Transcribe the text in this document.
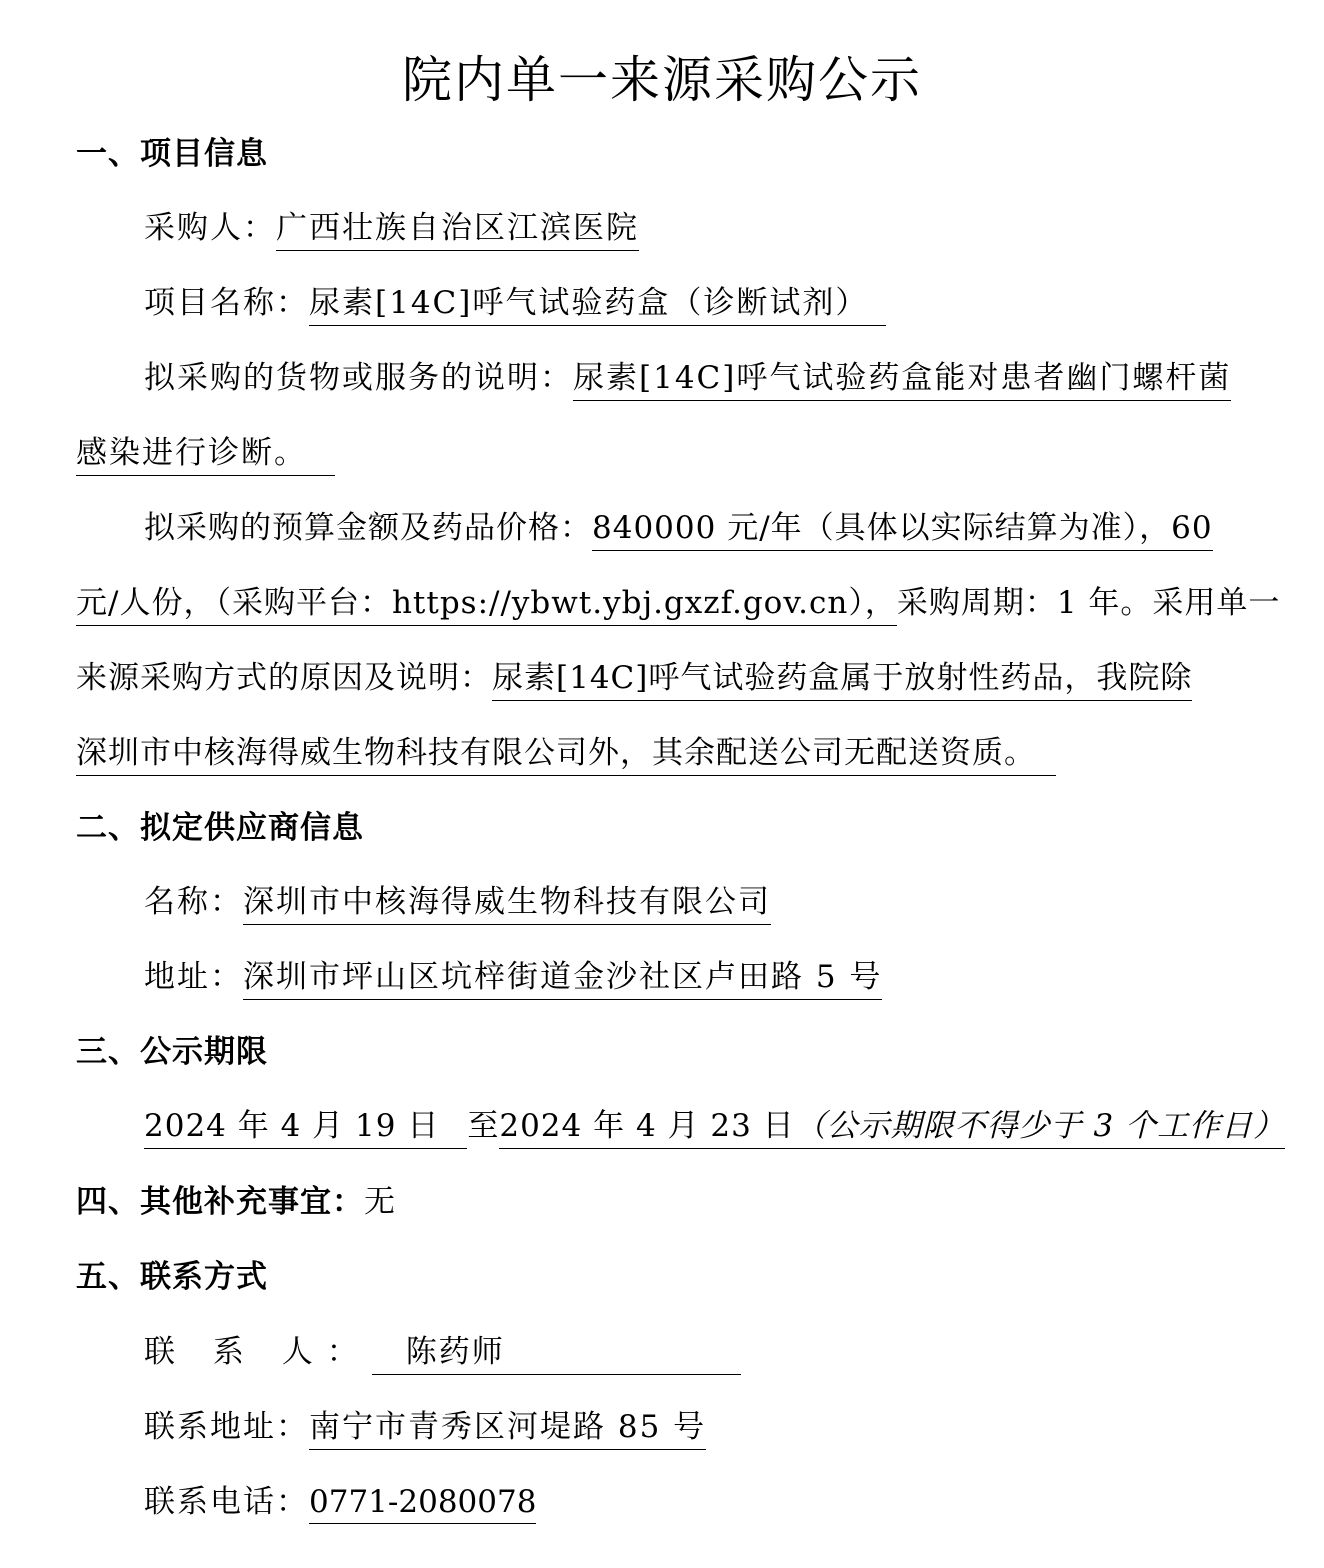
院内单一来源采购公示
一、项目信息

采购人：广西壮族自治区江滨医院

项目名称：尿素[14C]呼气试验药盒（诊断试剂）

拟采购的货物或服务的说明：尿素[14C]呼气试验药盒能对患者幽门螺杆菌

感染进行诊断。

拟采购的预算金额及药品价格：840000 元/年（具体以实际结算为准），60

元/人份，（采购平台：https://ybwt.ybj.gxzf.gov.cn），采购周期：1 年。采用单一

来源采购方式的原因及说明：尿素[14C]呼气试验药盒属于放射性药品，我院除

深圳市中核海得威生物科技有限公司外，其余配送公司无配送资质。

二、拟定供应商信息

名称：深圳市中核海得威生物科技有限公司

地址：深圳市坪山区坑梓街道金沙社区卢田路 5 号

三、公示期限

2024 年 4 月 19 日 至2024 年 4 月 23 日（公示期限不得少于 3 个工作日）

四、其他补充事宜：无
五、联系方式

联 系 人： 陈药师

联系地址：南宁市青秀区河堤路 85 号

联系电话：0771-2080078
